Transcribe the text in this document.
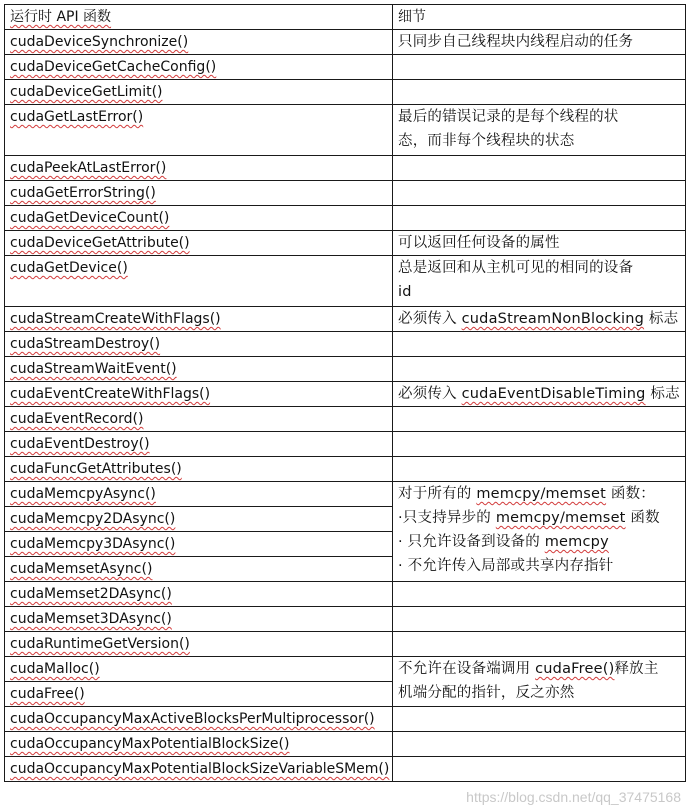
运行时 API 函数	细节
cudaDeviceSynchronize()	只同步自己线程块内线程启动的任务
cudaDeviceGetCacheConfig()	
cudaDeviceGetLimit()	
cudaGetLastError()	最后的错误记录的是每个线程的状
态，而非每个线程块的状态

cudaPeekAtLastError()	
cudaGetErrorString()	
cudaGetDeviceCount()	
cudaDeviceGetAttribute()	可以返回任何设备的属性
cudaGetDevice()	总是返回和从主机可见的相同的设备
id

cudaStreamCreateWithFlags()	必须传入 cudaStreamNonBlocking 标志
cudaStreamDestroy()	
cudaStreamWaitEvent()	
cudaEventCreateWithFlags()	必须传入 cudaEventDisableTiming 标志
cudaEventRecord()	
cudaEventDestroy()	
cudaFuncGetAttributes()	
cudaMemcpyAsync()	对于所有的 memcpy/memset 函数：
·只支持异步的 memcpy/memset 函数
· 只允许设备到设备的 memcpy
· 不允许传入局部或共享内存指针

cudaMemcpy2DAsync()	
cudaMemcpy3DAsync()	
cudaMemsetAsync()	
cudaMemset2DAsync()	
cudaMemset3DAsync()	
cudaRuntimeGetVersion()	
cudaMalloc()	不允许在设备端调用 cudaFree()释放主
机端分配的指针，反之亦然

cudaFree()	
cudaOccupancyMaxActiveBlocksPerMultiprocessor()	
cudaOccupancyMaxPotentialBlockSize()	
cudaOccupancyMaxPotentialBlockSizeVariableSMem()	
https://blog.csdn.net/qq_37475168
